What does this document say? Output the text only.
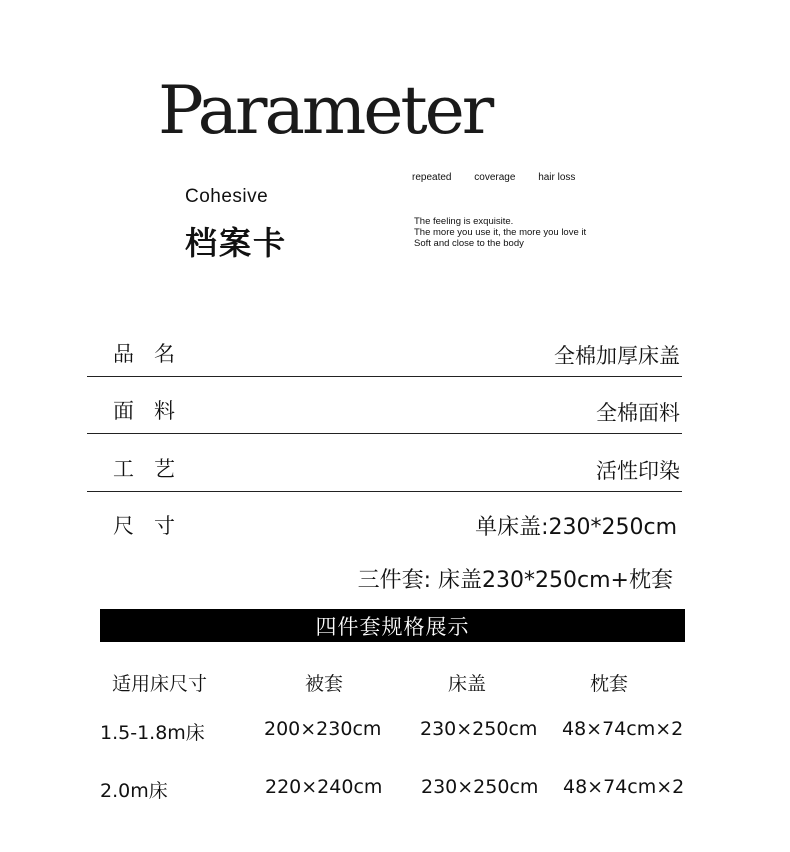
Parameter
Cohesive
档案卡
repeated coverage hair loss
The feeling is exquisite.
The more you use it, the more you love it
Soft and close to the body
品名	全棉加厚床盖
面料	全棉面料
工艺	活性印染
尺寸	单床盖:230*250cm
三件套: 床盖230*250cm+枕套
四件套规格展示
适用床尺寸	被套	床盖	枕套
1.5-1.8m床	200×230cm 230×250cm 48×74cm×2
2.0m床	220×240cm 230×250cm 48×74cm×2
